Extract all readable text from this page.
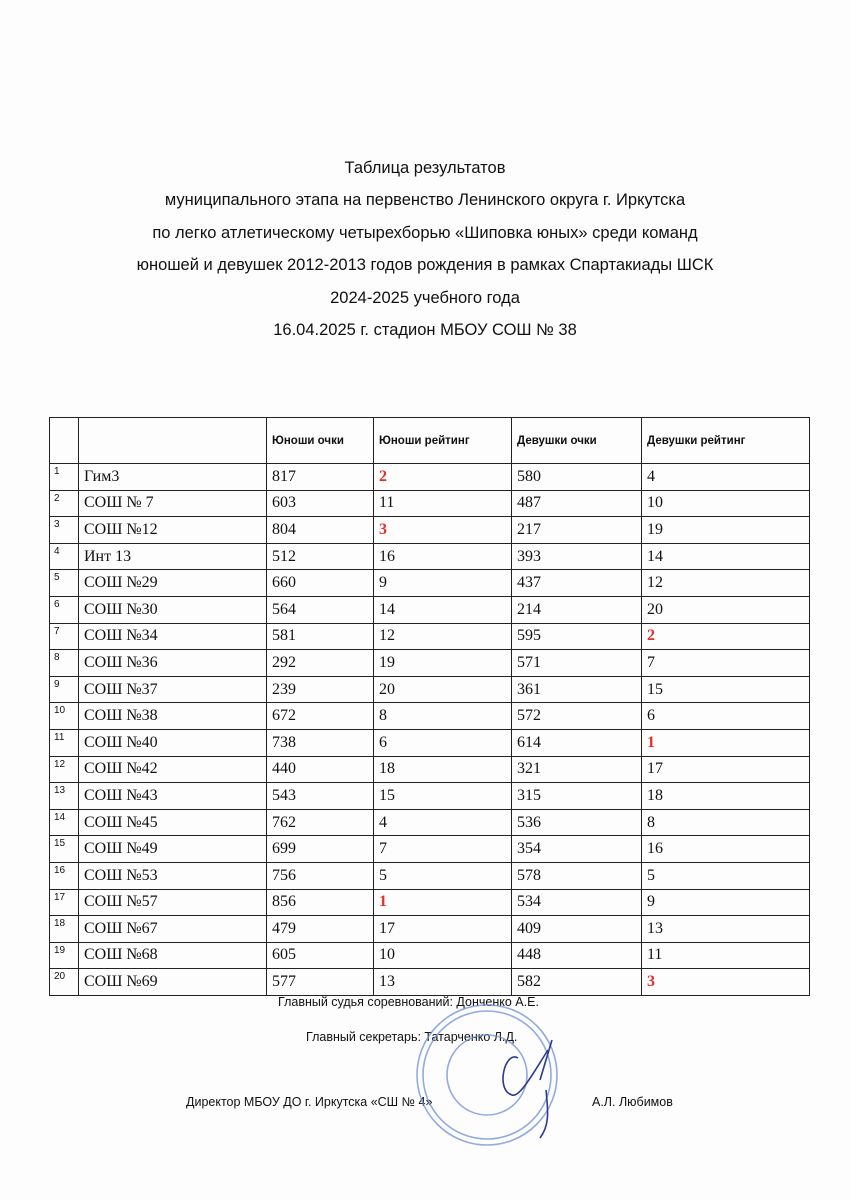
Таблица результатов

муниципального этапа на первенство Ленинского округа г. Иркутска

по легко атлетическому четырехборью «Шиповка юных» среди команд

юношей и девушек 2012-2013 годов рождения в рамках Спартакиады ШСК

2024-2025 учебного года

16.04.2025 г. стадион МБОУ СОШ № 38

		Юноши очки	Юноши рейтинг	Девушки очки	Девушки рейтинг
1	Гим3	817	2	580	4
2	СОШ № 7	603	11	487	10
3	СОШ №12	804	3	217	19
4	Инт 13	512	16	393	14
5	СОШ №29	660	9	437	12
6	СОШ №30	564	14	214	20
7	СОШ №34	581	12	595	2
8	СОШ №36	292	19	571	7
9	СОШ №37	239	20	361	15
10	СОШ №38	672	8	572	6
11	СОШ №40	738	6	614	1
12	СОШ №42	440	18	321	17
13	СОШ №43	543	15	315	18
14	СОШ №45	762	4	536	8
15	СОШ №49	699	7	354	16
16	СОШ №53	756	5	578	5
17	СОШ №57	856	1	534	9
18	СОШ №67	479	17	409	13
19	СОШ №68	605	10	448	11
20	СОШ №69	577	13	582	3
Главный судья соревнований: Донченко А.Е.
Главный секретарь: Татарченко Л.Д.
Директор МБОУ ДО г. Иркутска «СШ № 4»	А.Л. Любимов
